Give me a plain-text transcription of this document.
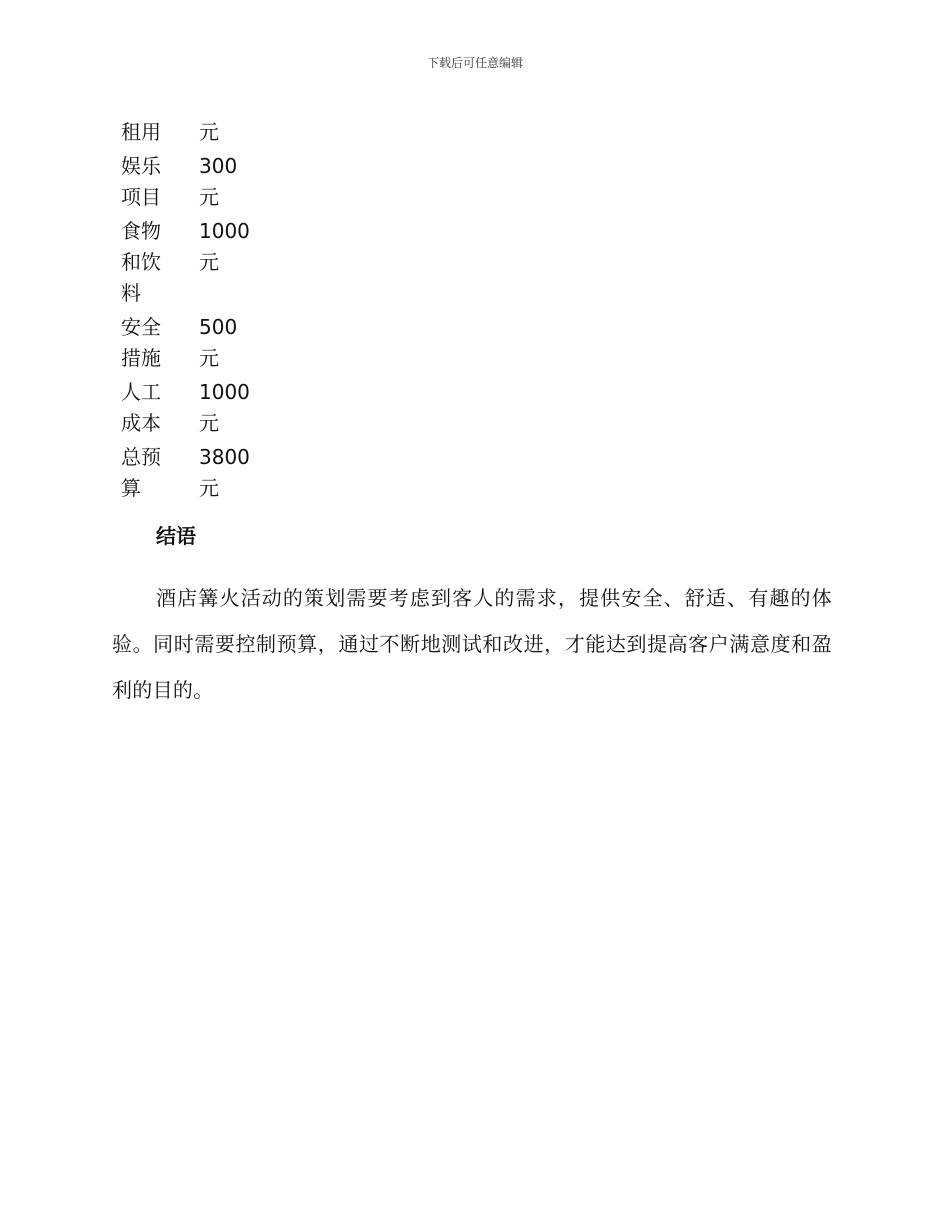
下载后可任意编辑
租用	元
娱乐项目	300元
食物和饮料	1000元
安全措施	500元
人工成本	1000元
总预算	3800元
结语

酒店篝火活动的策划需要考虑到客人的需求，提供安全、舒适、有趣的体验。同时需要控制预算，通过不断地测试和改进，才能达到提高客户满意度和盈利的目的。
